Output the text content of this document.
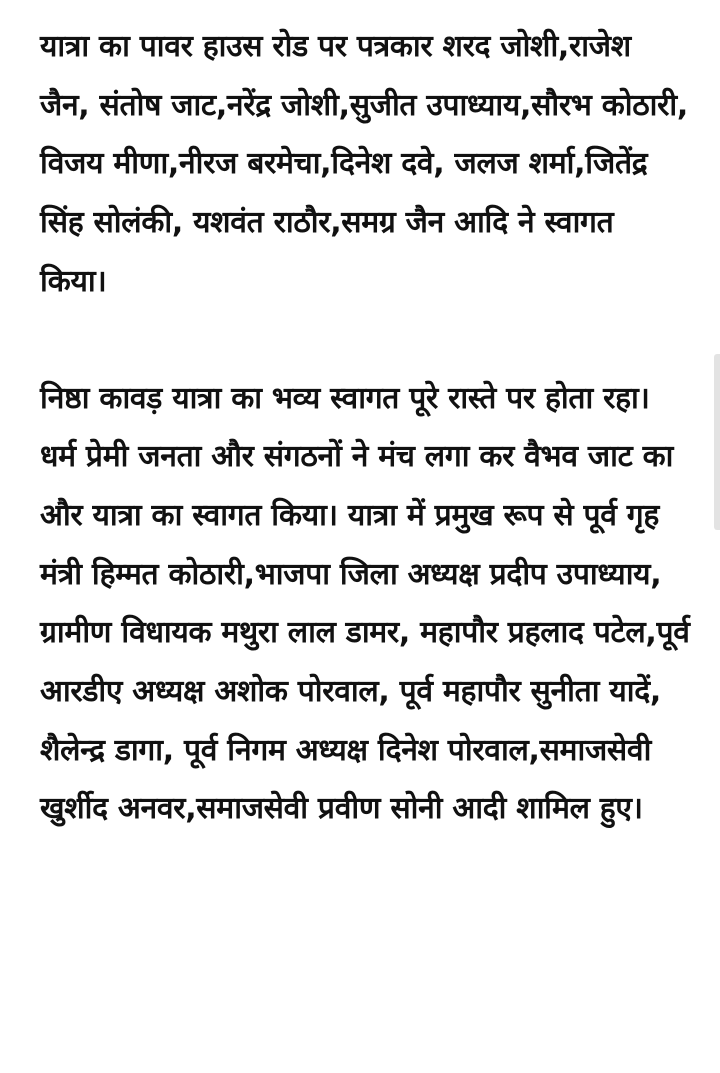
यात्रा का पावर हाउस रोड पर पत्रकार शरद जोशी,राजेश जैन, संतोष जाट,नरेंद्र जोशी,सुजीत उपाध्याय,सौरभ कोठारी, विजय मीणा,नीरज बरमेचा,दिनेश दवे, जलज शर्मा,जितेंद्र सिंह सोलंकी, यशवंत राठौर,समग्र जैन आदि ने स्वागत किया।

निष्ठा कावड़ यात्रा का भव्य स्वागत पूरे रास्ते पर होता रहा। धर्म प्रेमी जनता और संगठनों ने मंच लगा कर वैभव जाट का और यात्रा का स्वागत किया। यात्रा में प्रमुख रूप से पूर्व गृह मंत्री हिम्मत कोठारी,भाजपा जिला अध्यक्ष प्रदीप उपाध्याय, ग्रामीण विधायक मथुरा लाल डामर, महापौर प्रहलाद पटेल,पूर्व आरडीए अध्यक्ष अशोक पोरवाल, पूर्व महापौर सुनीता यादें, शैलेन्द्र डागा, पूर्व निगम अध्यक्ष दिनेश पोरवाल,समाजसेवी खुर्शीद अनवर,समाजसेवी प्रवीण सोनी आदी शामिल हुए।
